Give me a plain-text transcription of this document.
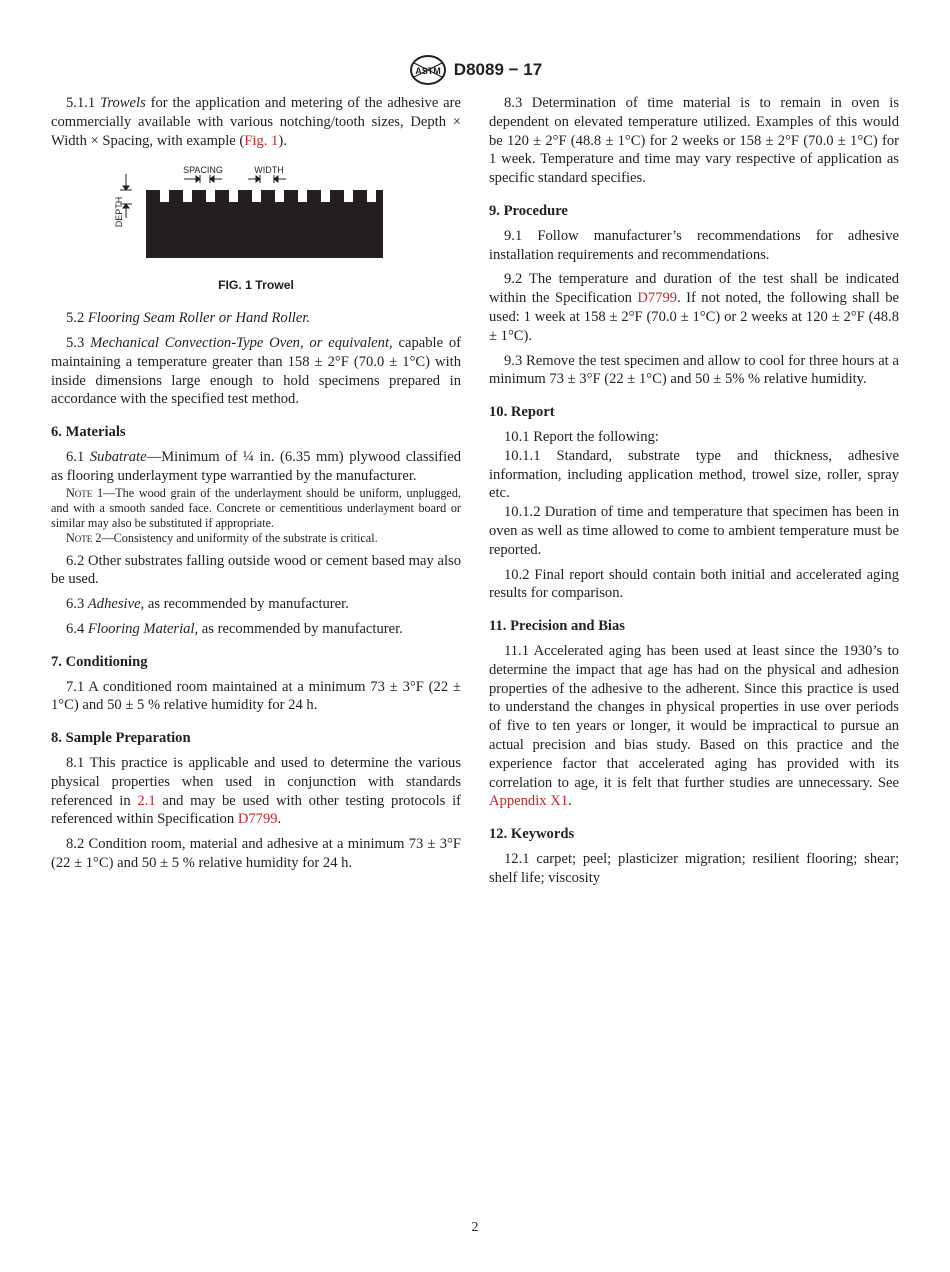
ASTM D8089 − 17

5.1.1 Trowels for the application and metering of the adhesive are commercially available with various notching/tooth sizes, Depth × Width × Spacing, with example (Fig. 1).

SPACING	WIDTH
DEPTH
FIG. 1 Trowel

5.2 Flooring Seam Roller or Hand Roller.

5.3 Mechanical Convection-Type Oven, or equivalent, capable of maintaining a temperature greater than 158 ± 2°F (70.0 ± 1°C) with inside dimensions large enough to hold specimens prepared in accordance with the specified test method.

6. Materials

6.1 Subatrate—Minimum of ¼ in. (6.35 mm) plywood classified as flooring underlayment type warrantied by the manufacturer.

Note 1—The wood grain of the underlayment should be uniform, unplugged, and with a smooth sanded face. Concrete or cementitious underlayment board or similar may also be substituted if appropriate.
Note 2—Consistency and uniformity of the substrate is critical.

6.2 Other substrates falling outside wood or cement based may also be used.

6.3 Adhesive, as recommended by manufacturer.

6.4 Flooring Material, as recommended by manufacturer.

7. Conditioning

7.1 A conditioned room maintained at a minimum 73 ± 3°F (22 ± 1°C) and 50 ± 5 % relative humidity for 24 h.

8. Sample Preparation

8.1 This practice is applicable and used to determine the various physical properties when used in conjunction with standards referenced in 2.1 and may be used with other testing protocols if referenced within Specification D7799.

8.2 Condition room, material and adhesive at a minimum 73 ± 3°F (22 ± 1°C) and 50 ± 5 % relative humidity for 24 h.

8.3 Determination of time material is to remain in oven is dependent on elevated temperature utilized. Examples of this would be 120 ± 2°F (48.8 ± 1°C) for 2 weeks or 158 ± 2°F (70.0 ± 1°C) for 1 week. Temperature and time may vary respective of application as specific standard specifies.

9. Procedure

9.1 Follow manufacturer’s recommendations for adhesive installation requirements and recommendations.

9.2 The temperature and duration of the test shall be indicated within the Specification D7799. If not noted, the following shall be used: 1 week at 158 ± 2°F (70.0 ± 1°C) or 2 weeks at 120 ± 2°F (48.8 ± 1°C).

9.3 Remove the test specimen and allow to cool for three hours at a minimum 73 ± 3°F (22 ± 1°C) and 50 ± 5% % relative humidity.

10. Report

10.1 Report the following:

10.1.1 Standard, substrate type and thickness, adhesive information, including application method, trowel size, roller, spray etc.

10.1.2 Duration of time and temperature that specimen has been in oven as well as time allowed to come to ambient temperature must be reported.

10.2 Final report should contain both initial and accelerated aging results for comparison.

11. Precision and Bias

11.1 Accelerated aging has been used at least since the 1930’s to determine the impact that age has had on the physical and adhesion properties of the adhesive to the adherent. Since this practice is used to understand the changes in physical properties in use over periods of five to ten years or longer, it would be impractical to pursue an actual precision and bias study. Based on this practice and the experience factor that accelerated aging has provided with its correlation to age, it is felt that further studies are unnecessary. See Appendix X1.

12. Keywords

12.1 carpet; peel; plasticizer migration; resilient flooring; shear; shelf life; viscosity

2
